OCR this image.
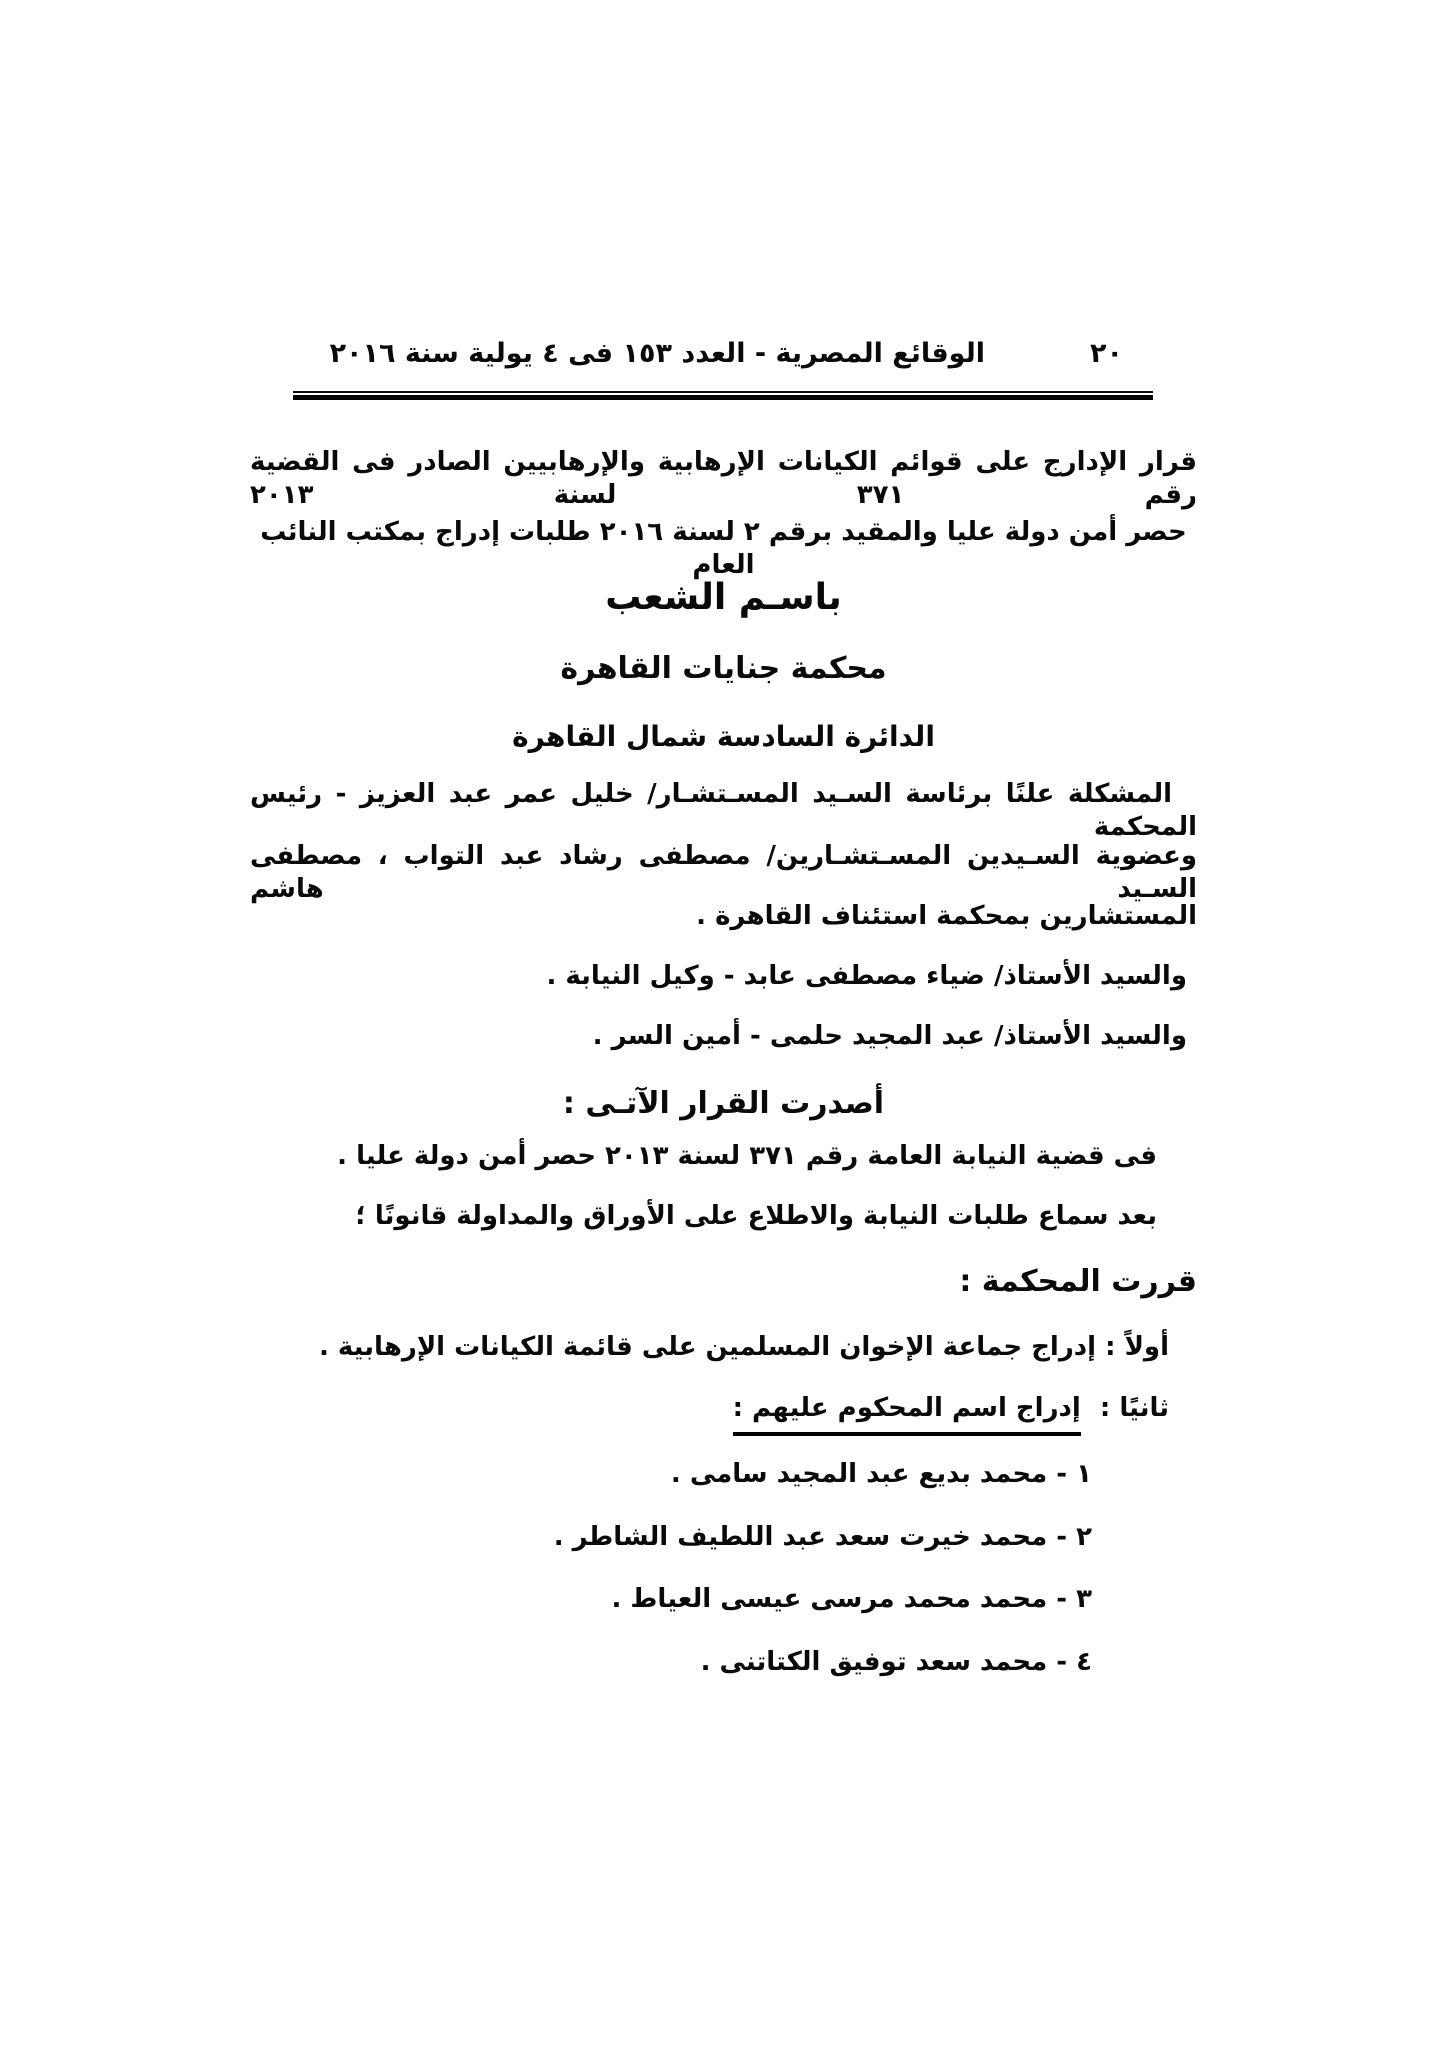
الوقائع المصرية - العدد ١٥٣ فى ٤ يولية سنة ٢٠١٦	٢٠
قرار الإدارج على قوائم الكيانات الإرهابية والإرهابيين الصادر فى القضية رقم ٣٧١ لسنة ٢٠١٣
حصر أمن دولة عليا والمقيد برقم ٢ لسنة ٢٠١٦ طلبات إدراج بمكتب النائب العام
باسـم الشعب
محكمة جنايات القاهرة
الدائرة السادسة شمال القاهرة
المشكلة علنًا برئاسة السـيد المسـتشـار/ خليل عمر عبد العزيز - رئيس المحكمة
وعضوية السـيدين المسـتشـارين/ مصطفى رشاد عبد التواب ، مصطفى السـيد هاشم
المستشارين بمحكمة استئناف القاهرة .
والسيد الأستاذ/ ضياء مصطفى عابد - وكيل النيابة .
والسيد الأستاذ/ عبد المجيد حلمى - أمين السر .
أصدرت القرار الآتـى :
فى قضية النيابة العامة رقم ٣٧١ لسنة ٢٠١٣ حصر أمن دولة عليا .
بعد سماع طلبات النيابة والاطلاع على الأوراق والمداولة قانونًا ؛
قررت المحكمة :
أولاً : إدراج جماعة الإخوان المسلمين على قائمة الكيانات الإرهابية .
ثانيًا : إدراج اسم المحكوم عليهم :
١ - محمد بديع عبد المجيد سامى .
٢ - محمد خيرت سعد عبد اللطيف الشاطر .
٣ - محمد محمد مرسى عيسى العياط .
٤ - محمد سعد توفيق الكتاتنى .
